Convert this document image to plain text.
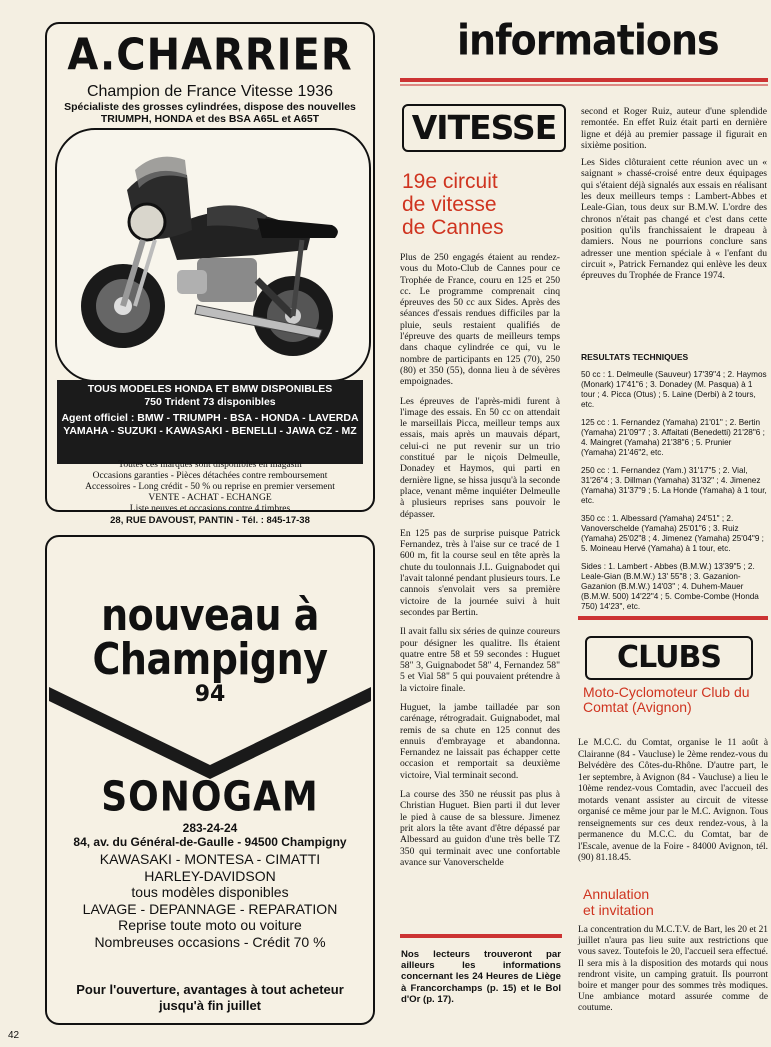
A.CHARRIER
Champion de France Vitesse 1936
Spécialiste des grosses cylindrées, dispose des nouvelles TRIUMPH, HONDA et des BSA A65L et A65T
TOUS MODELES HONDA ET BMW DISPONIBLES
750 Trident 73 disponibles
Agent officiel : BMW - TRIUMPH - BSA - HONDA - LAVERDA
YAMAHA - SUZUKI - KAWASAKI - BENELLI - JAWA CZ - MZ
Toutes ces marques sont disponibles en magasin
Occasions garanties - Pièces détachées contre remboursement
Accessoires - Long crédit - 50 % ou reprise en premier versement
VENTE - ACHAT - ECHANGE
Liste neuves et occasions contre 4 timbres
28, RUE DAVOUST, PANTIN - Tél. : 845-17-38
nouveau à
Champigny
94
SONOGAM
283-24-24
84, av. du Général-de-Gaulle - 94500 Champigny
KAWASAKI - MONTESA - CIMATTI
HARLEY-DAVIDSON
tous modèles disponibles
LAVAGE - DEPANNAGE - REPARATION
Reprise toute moto ou voiture
Nombreuses occasions - Crédit 70 %
Pour l'ouverture, avantages à tout acheteur
jusqu'à fin juillet
42
informations
VITESSE
19e circuit
de vitesse
de Cannes

Plus de 250 engagés étaient au rendez-vous du Moto-Club de Cannes pour ce Trophée de France, couru en 125 et 250 cc. Le programme comprenait cinq épreuves des 50 cc aux Sides. Après des séances d'essais rendues difficiles par la pluie, seuls restaient qualifiés de l'épreuve des quarts de meilleurs temps dans chaque cylindrée ce qui, vu le nombre de participants en 125 (70), 250 (80) et 350 (55), donna lieu à de sévères empoignades.

Les épreuves de l'après-midi furent à l'image des essais. En 50 cc on attendait le marseillais Picca, meilleur temps aux essais, mais après un mauvais départ, celui-ci ne put revenir sur un trio constitué par le niçois Delmeulle, Donadey et Haymos, qui parti en dernière ligne, se hissa jusqu'à la seconde place, venant même inquiéter Delmeulle à plusieurs reprises sans pouvoir le dépasser.

En 125 pas de surprise puisque Patrick Fernandez, très à l'aise sur ce tracé de 1 600 m, fit la course seul en tête après la chute du toulonnais J.L. Guignabodet qui l'avait talonné pendant plusieurs tours. Le cannois s'envolait vers sa première victoire de la journée suivi à huit secondes par Bertin.

Il avait fallu six séries de quinze coureurs pour désigner les qualitre. Ils étaient quatre entre 58 et 59 secondes : Huguet 58" 3, Guignabodet 58" 4, Fernandez 58" 5 et Vial 58" 5 qui pouvaient prétendre à la victoire finale.

Huguet, la jambe tailladée par son carénage, rétrogradait. Guignabodet, mal remis de sa chute en 125 connut des ennuis d'embrayage et abandonna. Fernandez ne laissait pas échapper cette occasion et remportait sa deuxième victoire, Vial terminait second.

La course des 350 ne réussit pas plus à Christian Huguet. Bien parti il dut lever le pied à cause de sa blessure. Jimenez prit alors la tête avant d'être dépassé par Albessard au guidon d'une très belle TZ 350 qui terminait avec une confortable avance sur Vanoverschelde

second et Roger Ruiz, auteur d'une splendide remontée. En effet Ruiz était parti en dernière ligne et déjà au premier passage il figurait en sixième position.

Les Sides clôturaient cette réunion avec un « saignant » chassé-croisé entre deux équipages qui s'étaient déjà signalés aux essais en réalisant les deux meilleurs temps : Lambert-Abbes et Leale-Gian, tous deux sur B.M.W. L'ordre des chronos n'était pas changé et c'est dans cette position qu'ils franchissaient le drapeau à damiers. Nous ne pourrions conclure sans adresser une mention spéciale à « l'enfant du circuit », Patrick Fernandez qui enlève les deux épreuves du Trophée de France 1974.

RESULTATS TECHNIQUES

50 cc : 1. Delmeulle (Sauveur) 17'39"4 ; 2. Haymos (Monark) 17'41"6 ; 3. Donadey (M. Pasqua) à 1 tour ; 4. Picca (Otus) ; 5. Laine (Derbi) à 2 tours, etc.

125 cc : 1. Fernandez (Yamaha) 21'01" ; 2. Bertin (Yamaha) 21'09"7 ; 3. Affaitati (Benedetti) 21'28"6 ; 4. Maingret (Yamaha) 21'38"6 ; 5. Prunier (Yamaha) 21'46"2, etc.

250 cc : 1. Fernandez (Yam.) 31'17"5 ; 2. Vial, 31'26"4 ; 3. Dillman (Yamaha) 31'32" ; 4. Jimenez (Yamaha) 31'37"9 ; 5. La Honde (Yamaha) à 1 tour, etc.

350 cc : 1. Albessard (Yamaha) 24'51" ; 2. Vanoverschelde (Yamaha) 25'01"6 ; 3. Ruiz (Yamaha) 25'02"8 ; 4. Jimenez (Yamaha) 25'04"9 ; 5. Moineau Hervé (Yamaha) à 1 tour, etc.

Sides : 1. Lambert - Abbes (B.M.W.) 13'39"5 ; 2. Leale-Gian (B.M.W.) 13' 55"8 ; 3. Gazanion-Gazanion (B.M.W.) 14'03" ; 4. Duhem-Mauer (B.M.W. 500) 14'22"4 ; 5. Combe-Combe (Honda 750) 14'23", etc.

Nos lecteurs trouveront par ailleurs les informations concernant les 24 Heures de Liège à Francorchamps (p. 15) et le Bol d'Or (p. 17).
CLUBS
Moto-Cyclomoteur Club du Comtat (Avignon)
Le M.C.C. du Comtat, organise le 11 août à Clairanne (84 - Vaucluse) le 2ème rendez-vous du Belvédère des Côtes-du-Rhône. D'autre part, le 1er septembre, à Avignon (84 - Vaucluse) a lieu le 10ème rendez-vous Comtadin, avec l'accueil des motards venant assister au circuit de vitesse organisé ce même jour par le M.C. Avignon. Tous renseignements sur ces deux rendez-vous, à la permanence du M.C.C. du Comtat, bar de l'Escale, avenue de la Foire - 84000 Avignon, tél. (90) 81.18.45.
Annulation
et invitation
La concentration du M.C.T.V. de Bart, les 20 et 21 juillet n'aura pas lieu suite aux restrictions que vous savez. Toutefois le 20, l'accueil sera effectué. Il sera mis à la disposition des motards qui nous rendront visite, un camping gratuit. Ils pourront boire et manger pour des sommes très modiques. Une ambiance motard assurée comme de coutume.
